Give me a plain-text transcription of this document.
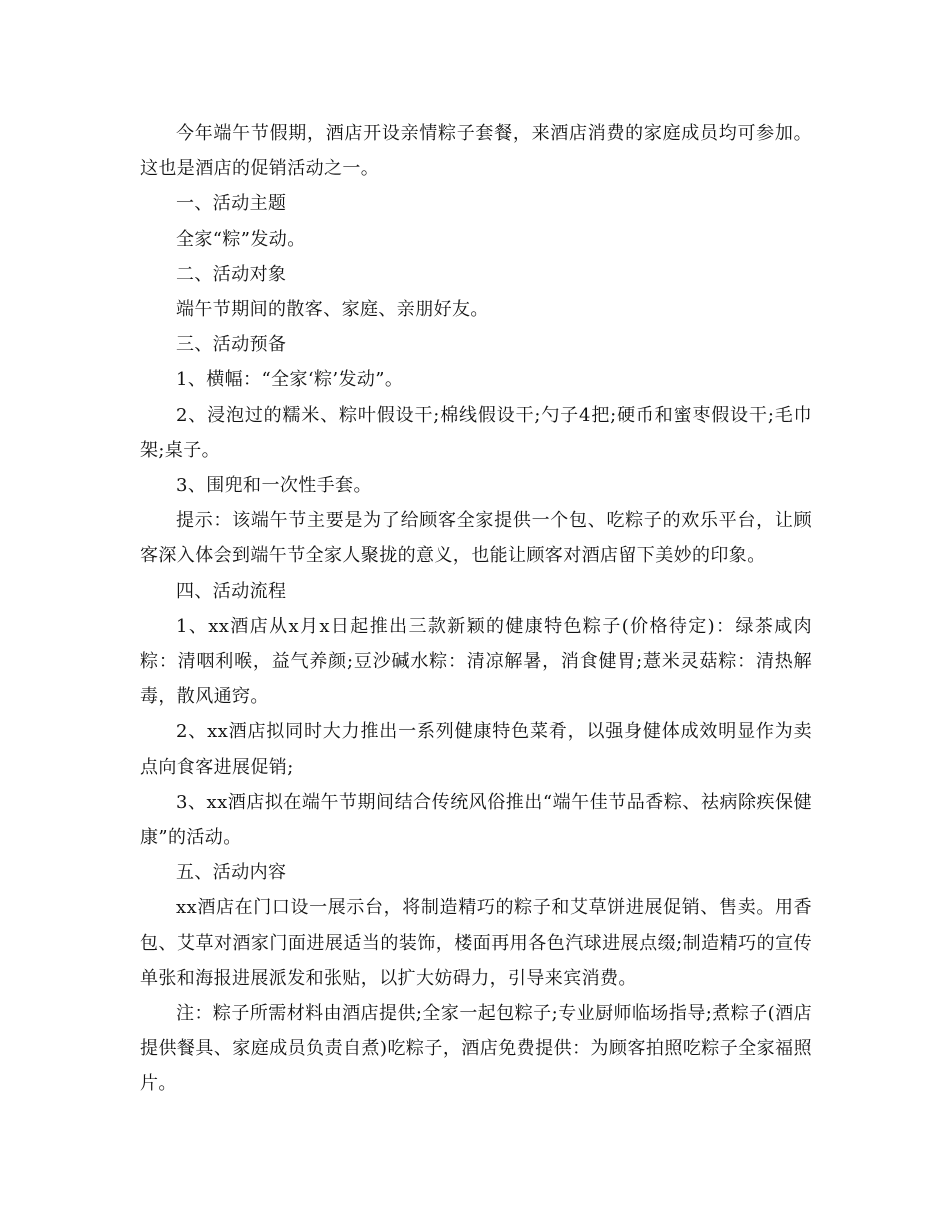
今年端午节假期，酒店开设亲情粽子套餐，来酒店消费的家庭成员均可参加。这也是酒店的促销活动之一。

一、活动主题

全家“粽”发动。

二、活动对象

端午节期间的散客、家庭、亲朋好友。

三、活动预备

1、横幅：“全家‘粽’发动”。

2、浸泡过的糯米、粽叶假设干;棉线假设干;勺子4把;硬币和蜜枣假设干;毛巾架;桌子。

3、围兜和一次性手套。

提示：该端午节主要是为了给顾客全家提供一个包、吃粽子的欢乐平台，让顾客深入体会到端午节全家人聚拢的意义，也能让顾客对酒店留下美妙的印象。

四、活动流程

1、xx酒店从x月x日起推出三款新颖的健康特色粽子(价格待定)：绿茶咸肉粽：清咽利喉，益气养颜;豆沙碱水粽：清凉解暑，消食健胃;薏米灵菇粽：清热解毒，散风通窍。

2、xx酒店拟同时大力推出一系列健康特色菜肴，以强身健体成效明显作为卖点向食客进展促销;

3、xx酒店拟在端午节期间结合传统风俗推出“端午佳节品香粽、祛病除疾保健康”的活动。

五、活动内容

xx酒店在门口设一展示台，将制造精巧的粽子和艾草饼进展促销、售卖。用香包、艾草对酒家门面进展适当的装饰，楼面再用各色汽球进展点缀;制造精巧的宣传单张和海报进展派发和张贴，以扩大妨碍力，引导来宾消费。

注：粽子所需材料由酒店提供;全家一起包粽子;专业厨师临场指导;煮粽子(酒店提供餐具、家庭成员负责自煮)吃粽子，酒店免费提供：为顾客拍照吃粽子全家福照片。
